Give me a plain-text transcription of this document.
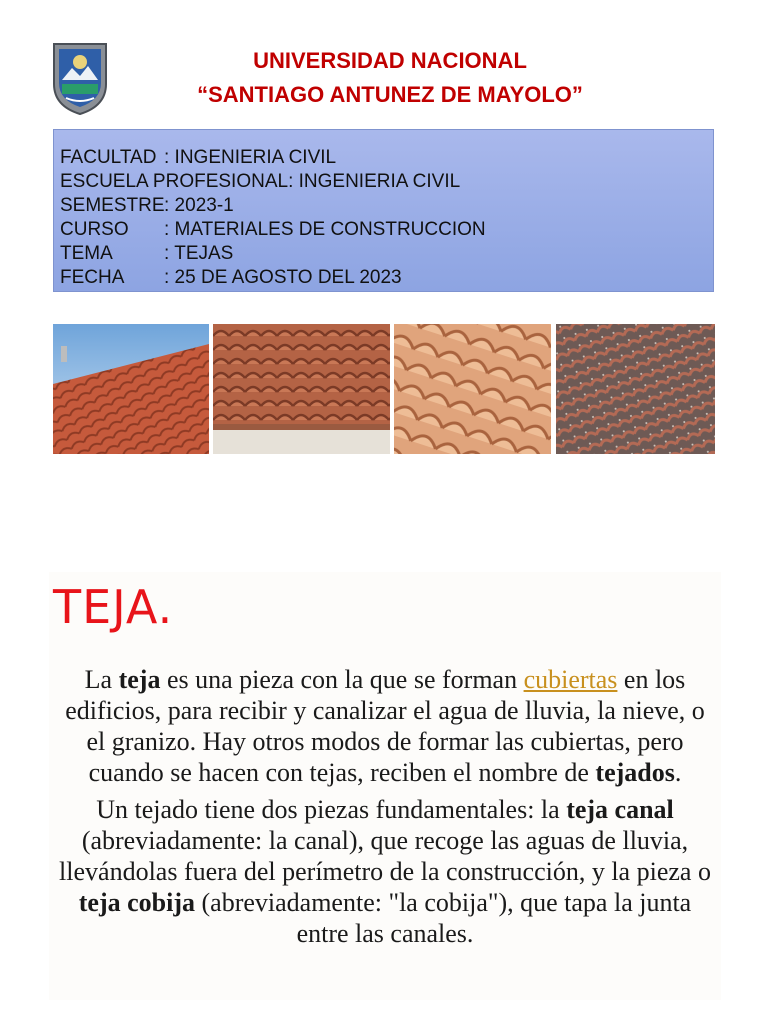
UNIVERSIDAD NACIONAL
“SANTIAGO ANTUNEZ DE MAYOLO”
FACULTAD : INGENIERIA CIVIL
ESCUELA PROFESIONAL : INGENIERIA CIVIL
SEMESTRE : 2023-1
CURSO	: MATERIALES DE CONSTRUCCION
TEMA	: TEJAS
FECHA	: 25 DE AGOSTO DEL 2023
TEJA.

La teja es una pieza con la que se forman cubiertas en los edificios, para recibir y canalizar el agua de lluvia, la nieve, o el granizo. Hay otros modos de formar las cubiertas, pero cuando se hacen con tejas, reciben el nombre de tejados.

Un tejado tiene dos piezas fundamentales: la teja canal (abreviadamente: la canal), que recoge las aguas de lluvia, llevándolas fuera del perímetro de la construcción, y la pieza o teja cobija (abreviadamente: "la cobija"), que tapa la junta entre las canales.
